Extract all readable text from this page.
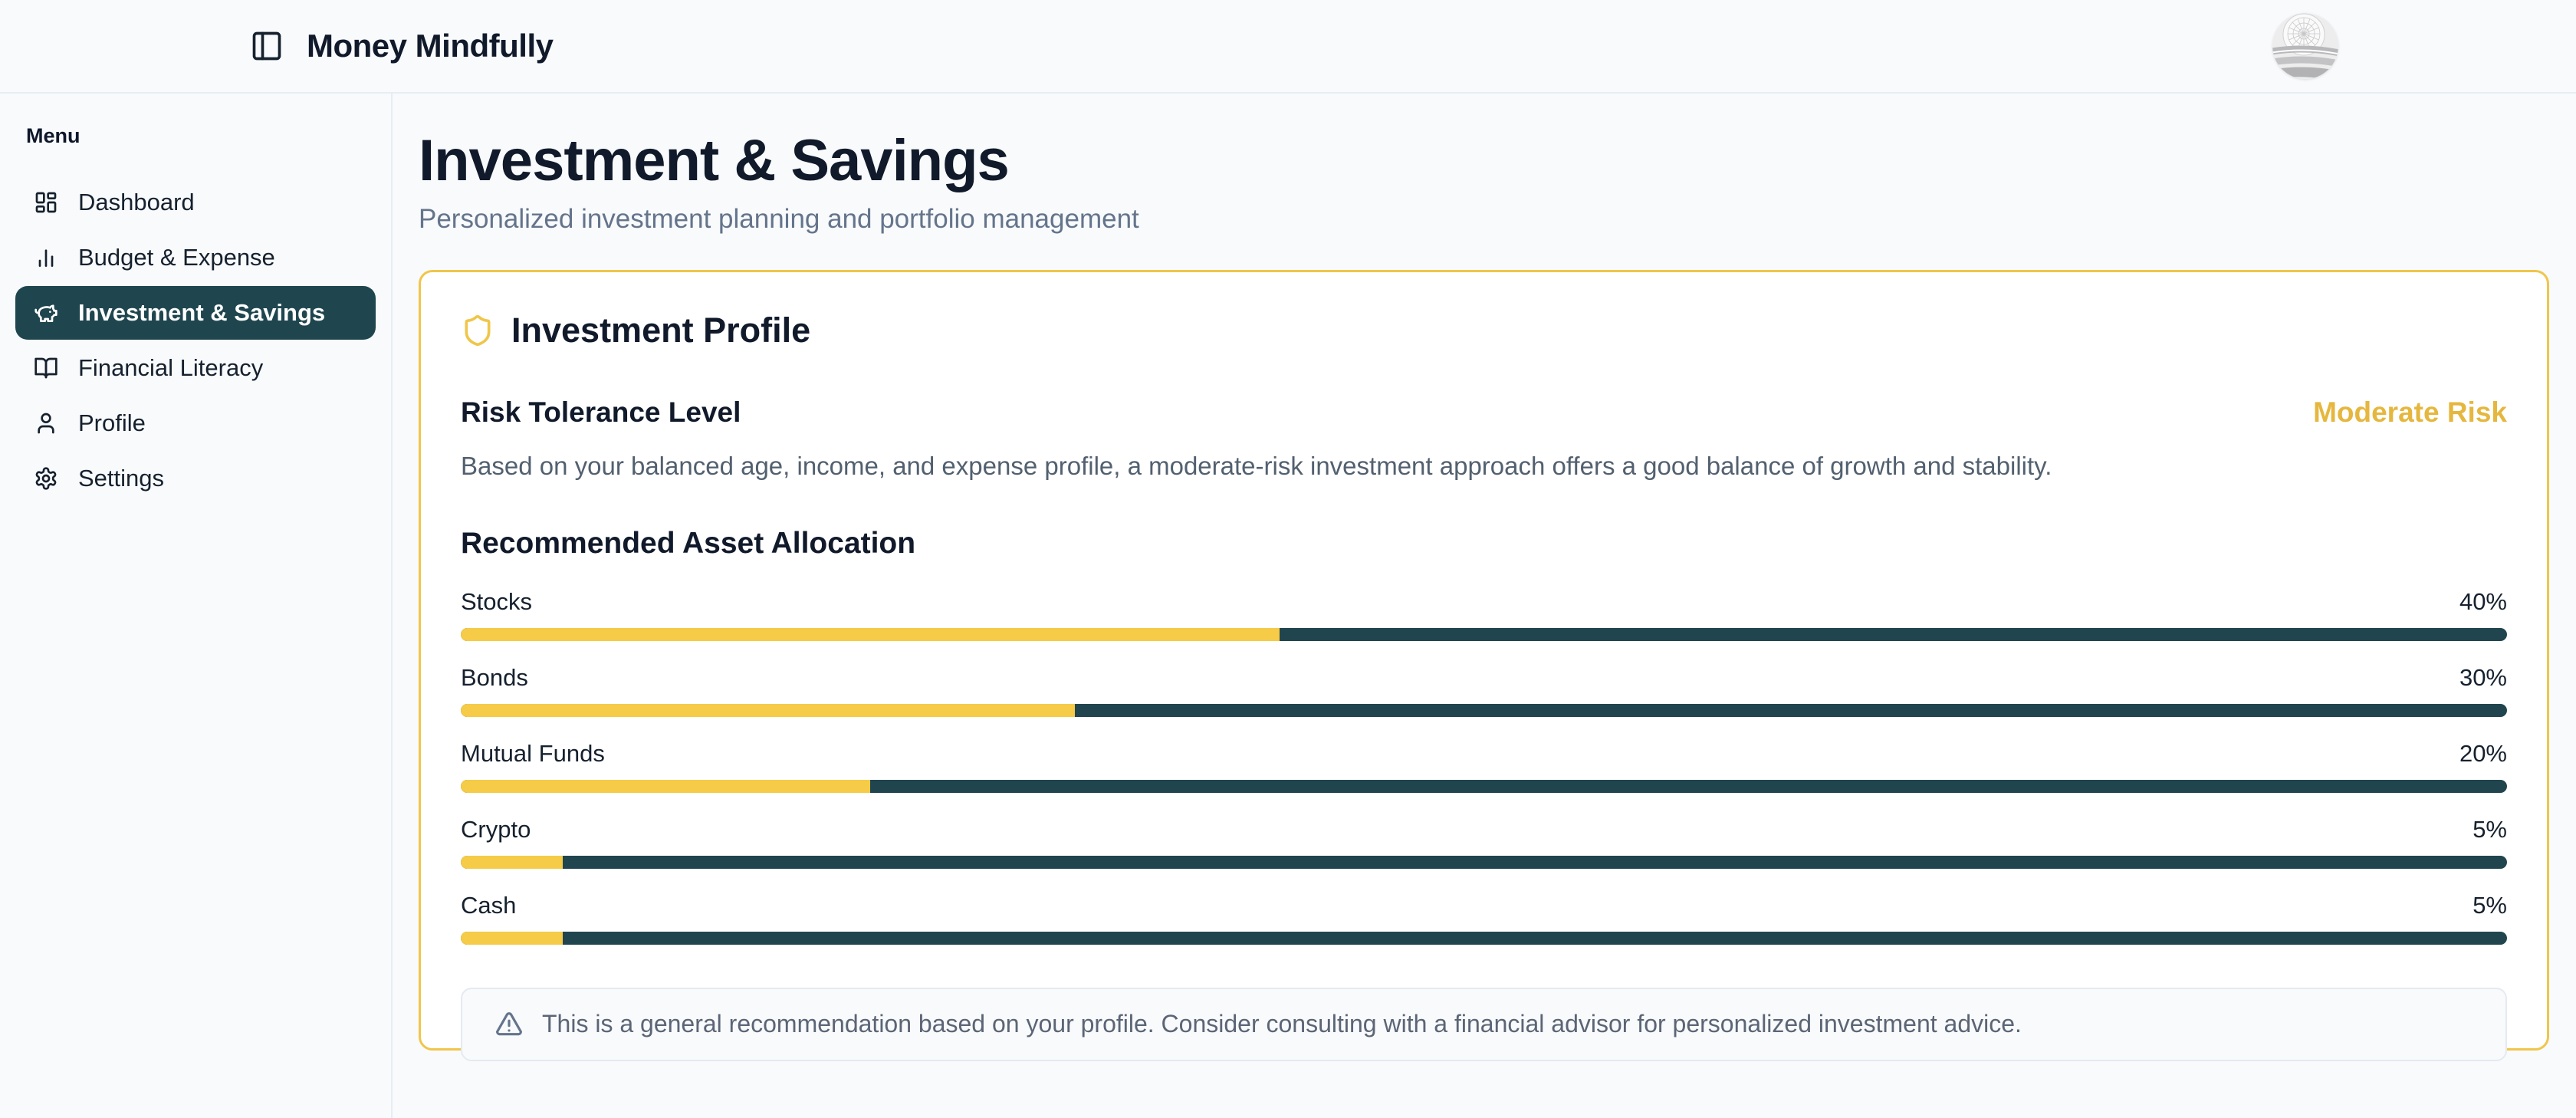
Money Mindfully
Menu
Dashboard
Budget & Expense
Investment & Savings
Financial Literacy
Profile
Settings
Investment & Savings

Personalized investment planning and portfolio management

Investment Profile
Risk Tolerance Level	Moderate Risk

Based on your balanced age, income, and expense profile, a moderate-risk investment approach offers a good balance of growth and stability.

Recommended Asset Allocation
Stocks	40%
Bonds	30%
Mutual Funds	20%
Crypto	5%
Cash	5%

This is a general recommendation based on your profile. Consider consulting with a financial advisor for personalized investment advice.
